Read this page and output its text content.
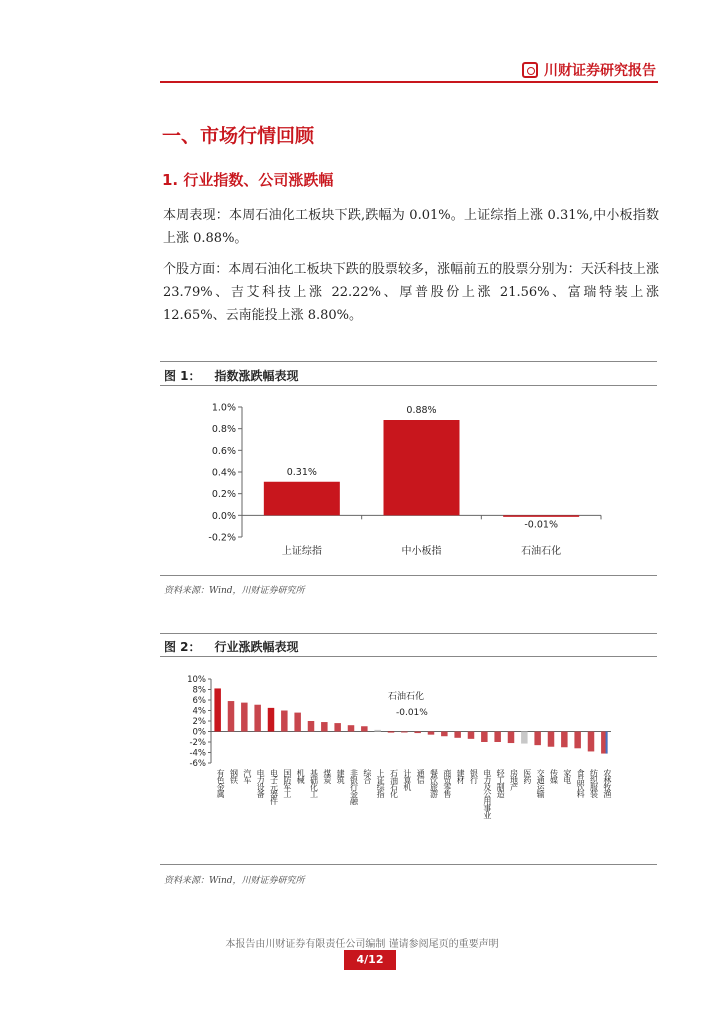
川财证券研究报告
一、市场行情回顾
1. 行业指数、公司涨跌幅
本周表现：本周石油化工板块下跌,跌幅为 0.01%。上证综指上涨 0.31%,中小板指数上涨 0.88%。
个股方面：本周石油化工板块下跌的股票较多，涨幅前五的股票分别为：天沃科技上涨 23.79%、吉艾科技上涨 22.22%、厚普股份上涨 21.56%、富瑞特装上涨 12.65%、云南能投上涨 8.80%。
图 1： 指数涨跌幅表现
1.0%
0.8%
0.6%
0.4%
0.2%
0.0%
-0.2%
0.31%
上证综指
0.88%
中小板指
-0.01%
石油石化
资料来源：Wind，川财证券研究所
图 2： 行业涨跌幅表现
10%
8%
6%
4%
2%
0%
-2%
-4%
-6%
有色金属 钢铁 汽车 电力设备 电子元器件 国防军工 机械 基础化工 煤炭 建筑 非银行金融 综合 上证综指 石油石化 计算机 通信 餐饮旅游 商贸零售 建材 银行 电力及公用事业 轻工制造 房地产 医药 交通运输 传媒 家电 食品饮料 纺织服装 农林牧渔
石油石化
-0.01%
资料来源：Wind，川财证券研究所
本报告由川财证券有限责任公司编制 谨请参阅尾页的重要声明
4/12
